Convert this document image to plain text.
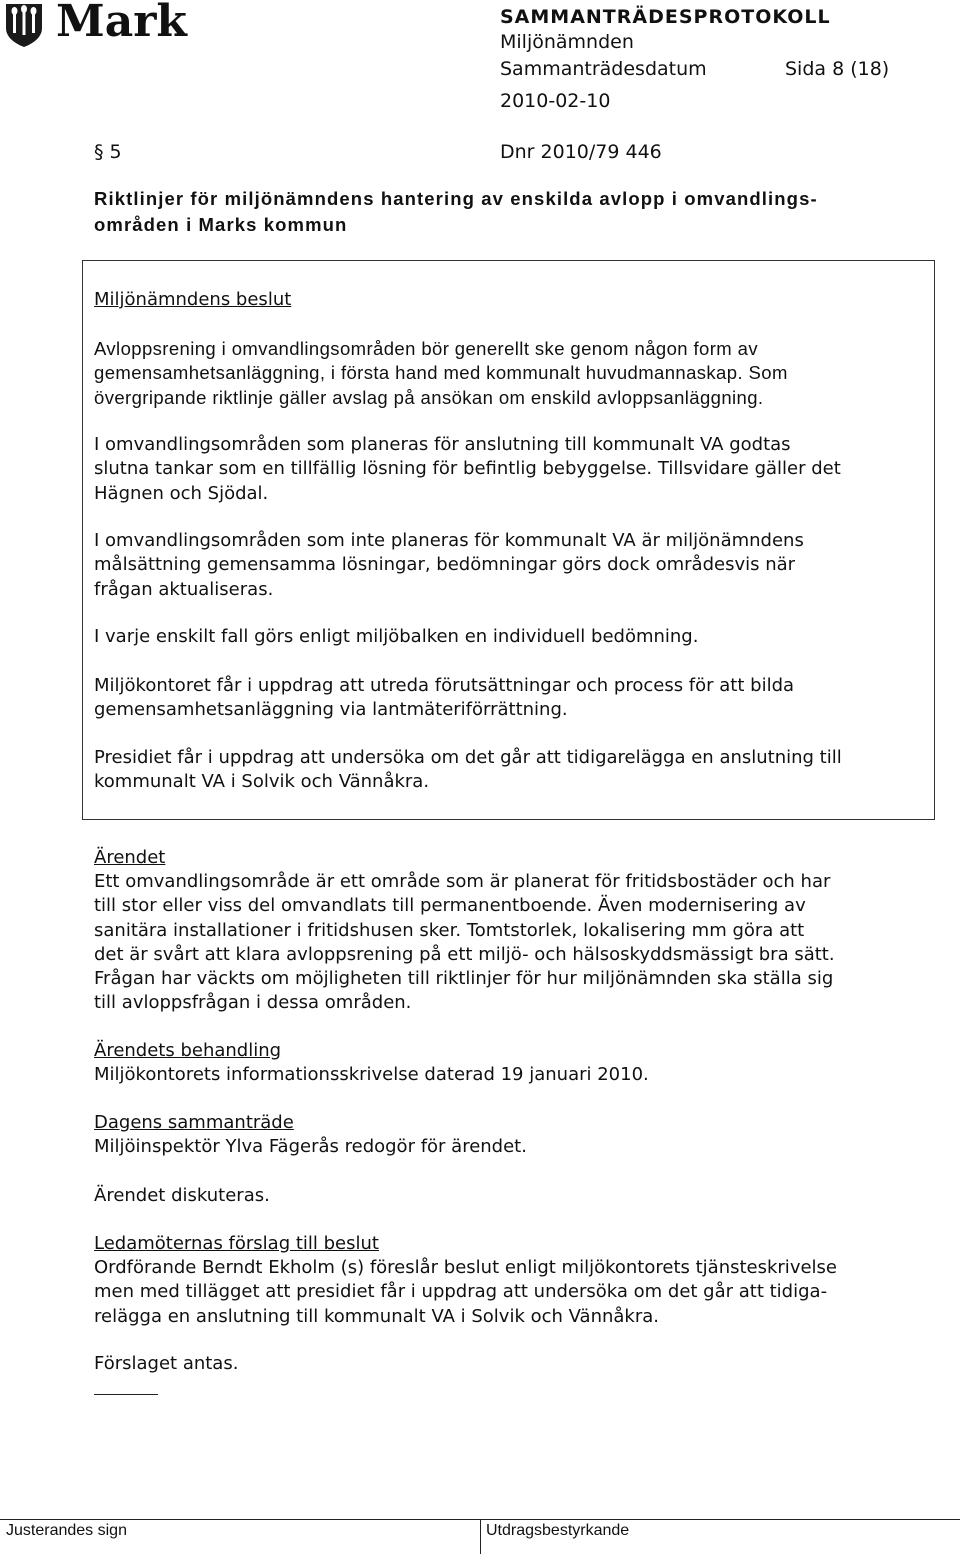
Mark	SAMMANTRÄDESPROTOKOLL
Miljönämnden
Sammanträdesdatum	Sida 8 (18)
2010-02-10
§ 5	Dnr 2010/79 446
Riktlinjer för miljönämndens hantering av enskilda avlopp i omvandlings-
områden i Marks kommun
Miljönämndens beslut
Avloppsrening i omvandlingsområden bör generellt ske genom någon form av
gemensamhetsanläggning, i första hand med kommunalt huvudmannaskap. Som
övergripande riktlinje gäller avslag på ansökan om enskild avloppsanläggning.
I omvandlingsområden som planeras för anslutning till kommunalt VA godtas
slutna tankar som en tillfällig lösning för befintlig bebyggelse. Tillsvidare gäller det
Hägnen och Sjödal.
I omvandlingsområden som inte planeras för kommunalt VA är miljönämndens
målsättning gemensamma lösningar, bedömningar görs dock områdesvis när
frågan aktualiseras.
I varje enskilt fall görs enligt miljöbalken en individuell bedömning.
Miljökontoret får i uppdrag att utreda förutsättningar och process för att bilda
gemensamhetsanläggning via lantmäteriförrättning.
Presidiet får i uppdrag att undersöka om det går att tidigarelägga en anslutning till
kommunalt VA i Solvik och Vännåkra.
Ärendet
Ett omvandlingsområde är ett område som är planerat för fritidsbostäder och har
till stor eller viss del omvandlats till permanentboende. Även modernisering av
sanitära installationer i fritidshusen sker. Tomtstorlek, lokalisering mm göra att
det är svårt att klara avloppsrening på ett miljö- och hälsoskyddsmässigt bra sätt.
Frågan har väckts om möjligheten till riktlinjer för hur miljönämnden ska ställa sig
till avloppsfrågan i dessa områden.
Ärendets behandling
Miljökontorets informationsskrivelse daterad 19 januari 2010.
Dagens sammanträde
Miljöinspektör Ylva Fägerås redogör för ärendet.
Ärendet diskuteras.
Ledamöternas förslag till beslut
Ordförande Berndt Ekholm (s) föreslår beslut enligt miljökontorets tjänsteskrivelse
men med tillägget att presidiet får i uppdrag att undersöka om det går att tidiga-
relägga en anslutning till kommunalt VA i Solvik och Vännåkra.
Förslaget antas.
Justerandes sign	Utdragsbestyrkande
